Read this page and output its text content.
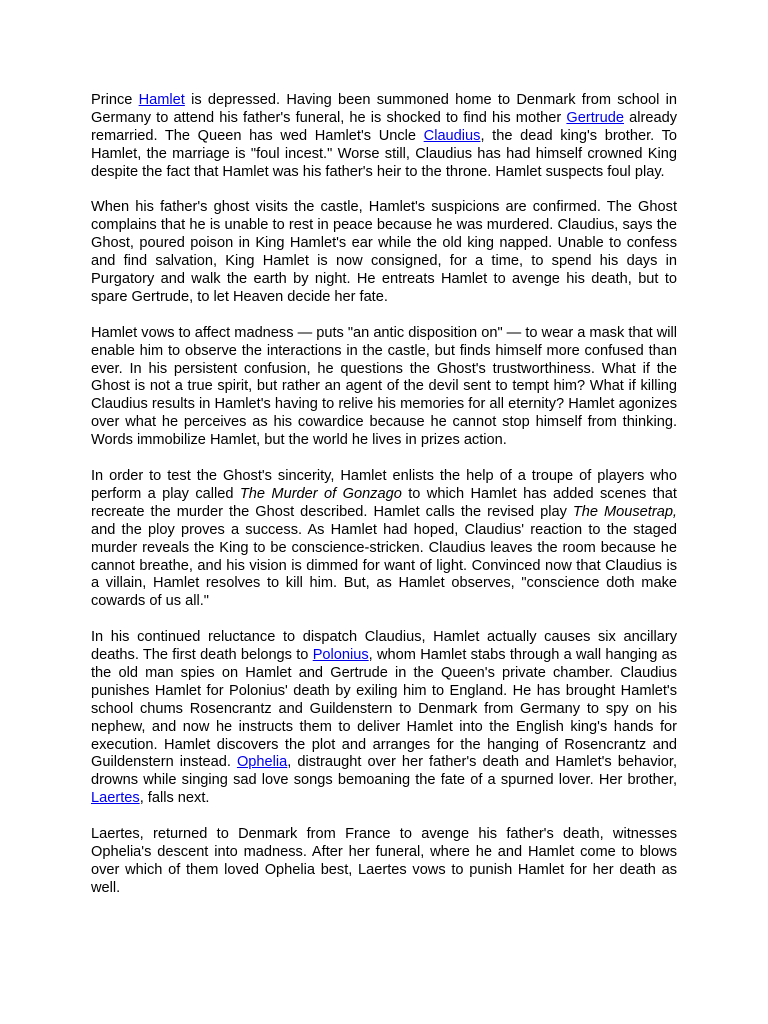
Prince Hamlet is depressed. Having been summoned home to Denmark from school in Germany to attend his father's funeral, he is shocked to find his mother Gertrude already remarried. The Queen has wed Hamlet's Uncle Claudius, the dead king's brother. To Hamlet, the marriage is "foul incest." Worse still, Claudius has had himself crowned King despite the fact that Hamlet was his father's heir to the throne. Hamlet suspects foul play.

When his father's ghost visits the castle, Hamlet's suspicions are confirmed. The Ghost complains that he is unable to rest in peace because he was murdered. Claudius, says the Ghost, poured poison in King Hamlet's ear while the old king napped. Unable to confess and find salvation, King Hamlet is now consigned, for a time, to spend his days in Purgatory and walk the earth by night. He entreats Hamlet to avenge his death, but to spare Gertrude, to let Heaven decide her fate.

Hamlet vows to affect madness — puts "an antic disposition on" — to wear a mask that will enable him to observe the interactions in the castle, but finds himself more confused than ever. In his persistent confusion, he questions the Ghost's trustworthiness. What if the Ghost is not a true spirit, but rather an agent of the devil sent to tempt him? What if killing Claudius results in Hamlet's having to relive his memories for all eternity? Hamlet agonizes over what he perceives as his cowardice because he cannot stop himself from thinking. Words immobilize Hamlet, but the world he lives in prizes action.

In order to test the Ghost's sincerity, Hamlet enlists the help of a troupe of players who perform a play called The Murder of Gonzago to which Hamlet has added scenes that recreate the murder the Ghost described. Hamlet calls the revised play The Mousetrap, and the ploy proves a success. As Hamlet had hoped, Claudius' reaction to the staged murder reveals the King to be conscience-stricken. Claudius leaves the room because he cannot breathe, and his vision is dimmed for want of light. Convinced now that Claudius is a villain, Hamlet resolves to kill him. But, as Hamlet observes, "conscience doth make cowards of us all."

In his continued reluctance to dispatch Claudius, Hamlet actually causes six ancillary deaths. The first death belongs to Polonius, whom Hamlet stabs through a wall hanging as the old man spies on Hamlet and Gertrude in the Queen's private chamber. Claudius punishes Hamlet for Polonius' death by exiling him to England. He has brought Hamlet's school chums Rosencrantz and Guildenstern to Denmark from Germany to spy on his nephew, and now he instructs them to deliver Hamlet into the English king's hands for execution. Hamlet discovers the plot and arranges for the hanging of Rosencrantz and Guildenstern instead. Ophelia, distraught over her father's death and Hamlet's behavior, drowns while singing sad love songs bemoaning the fate of a spurned lover. Her brother, Laertes, falls next.

Laertes, returned to Denmark from France to avenge his father's death, witnesses Ophelia's descent into madness. After her funeral, where he and Hamlet come to blows over which of them loved Ophelia best, Laertes vows to punish Hamlet for her death as well.
